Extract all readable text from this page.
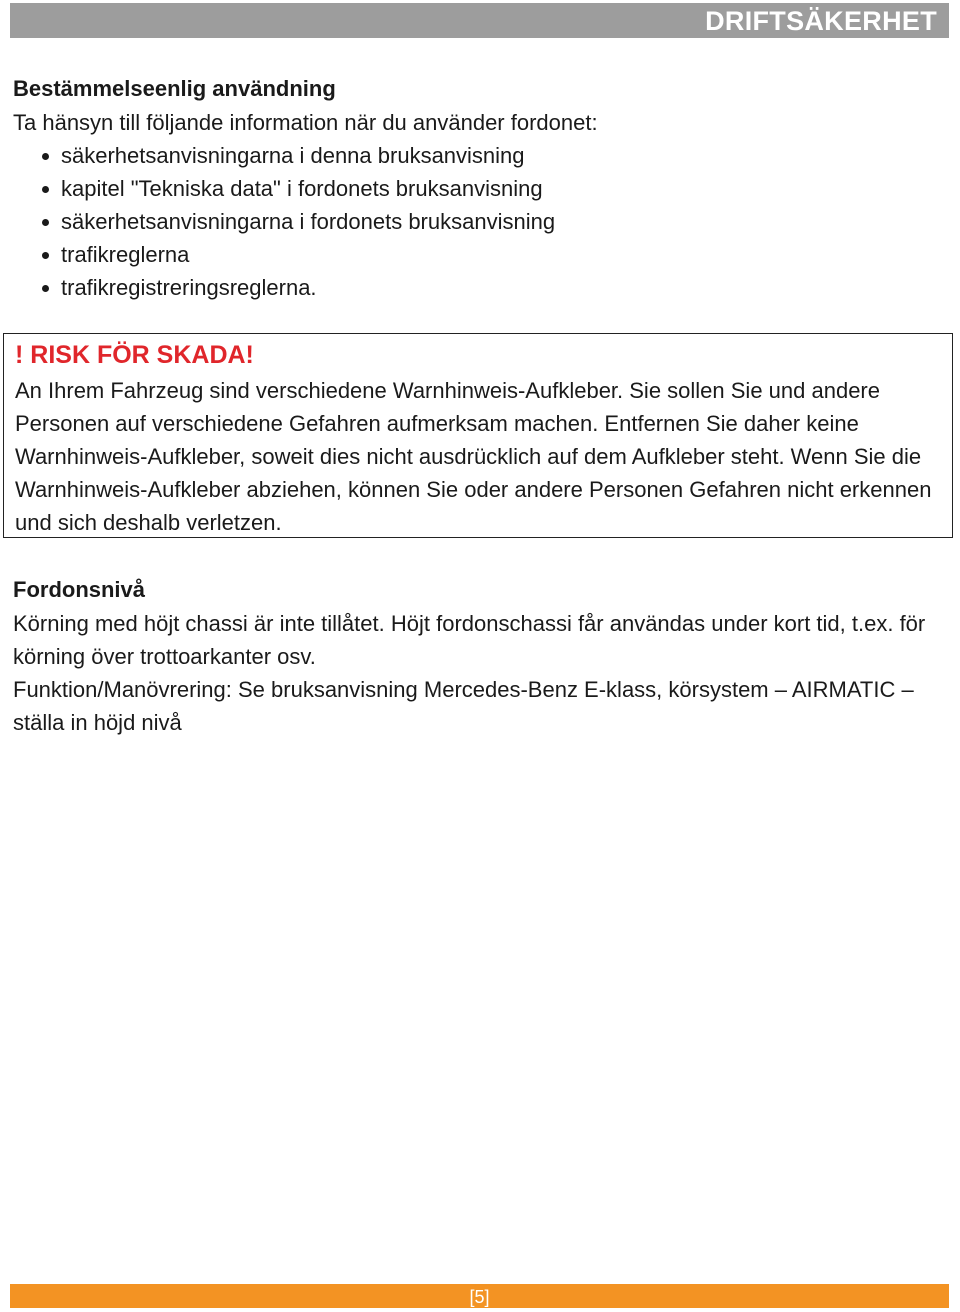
DRIFTSÄKERHET

Bestämmelseenlig användning

Ta hänsyn till följande information när du använder fordonet:

säkerhetsanvisningarna i denna bruksanvisning
kapitel "Tekniska data" i fordonets bruksanvisning
säkerhetsanvisningarna i fordonets bruksanvisning
trafikreglerna
trafikregistreringsreglerna.
! RISK FÖR SKADA!
An Ihrem Fahrzeug sind verschiedene Warnhinweis-Aufkleber. Sie sollen Sie und andere Personen auf verschiedene Gefahren aufmerksam machen. Entfernen Sie daher keine Warnhinweis-Aufkleber, soweit dies nicht ausdrücklich auf dem Aufkleber steht. Wenn Sie die Warnhinweis-Aufkleber abziehen, können Sie oder andere Personen Gefahren nicht erkennen und sich deshalb verletzen.

Fordonsnivå

Körning med höjt chassi är inte tillåtet. Höjt fordonschassi får användas under kort tid, t.ex. för körning över trottoarkanter osv.

Funktion/Manövrering: Se bruksanvisning Mercedes-Benz E-klass, körsystem – AIRMATIC – ställa in höjd nivå

[5]
